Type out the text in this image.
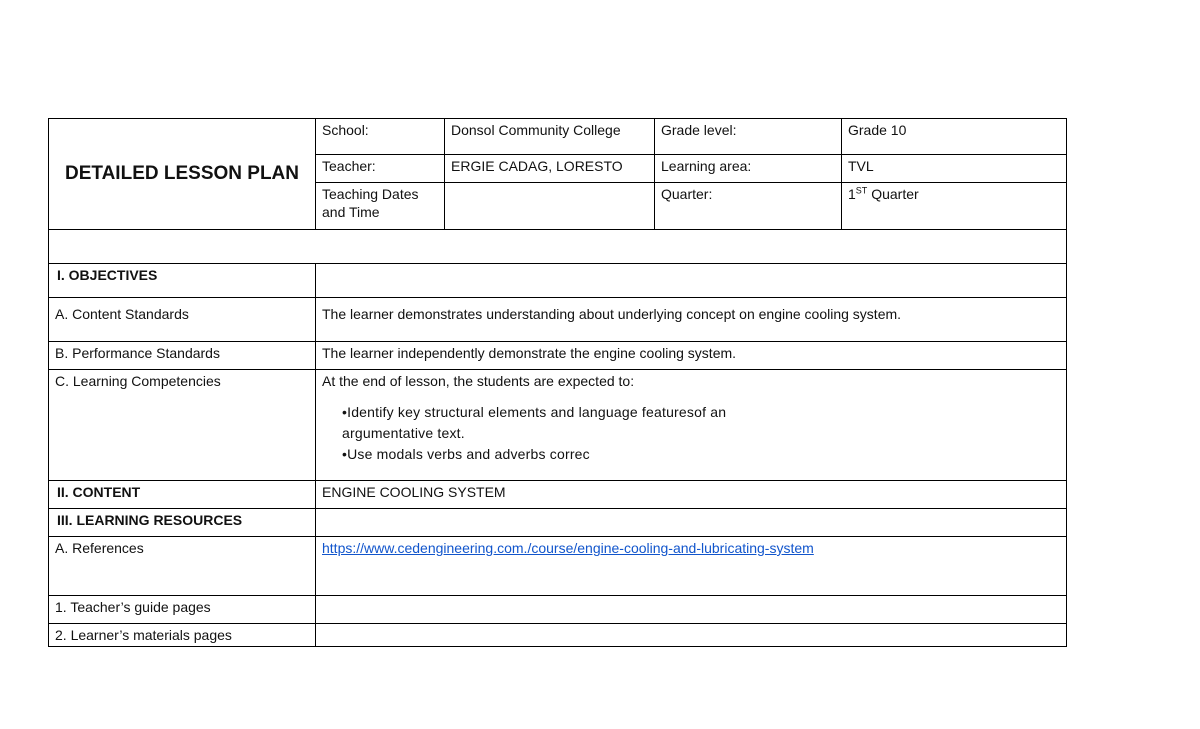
DETAILED LESSON PLAN	School:	Donsol Community College	Grade level:	Grade 10
	Teacher:	ERGIE CADAG, LORESTO	Learning area:	TVL

	Teaching Dates
and Time		Quarter:	1ST Quarter

I. OBJECTIVES				
A. Content Standards	The learner demonstrates understanding about underlying concept on engine cooling system.			
B. Performance Standards	The learner independently demonstrate the engine cooling system.			
C. Learning Competencies	At the end of lesson, the students are expected to:
•Identify key structural elements and language featuresof an
argumentative text.
•Use modals verbs and adverbs correc			

II. CONTENT	ENGINE COOLING SYSTEM			
III. LEARNING RESOURCES				
A. References	https://www.cedengineering.com./course/engine-cooling-and-lubricating-system			
1. Teacher’s guide pages				
2. Learner’s materials pages				
